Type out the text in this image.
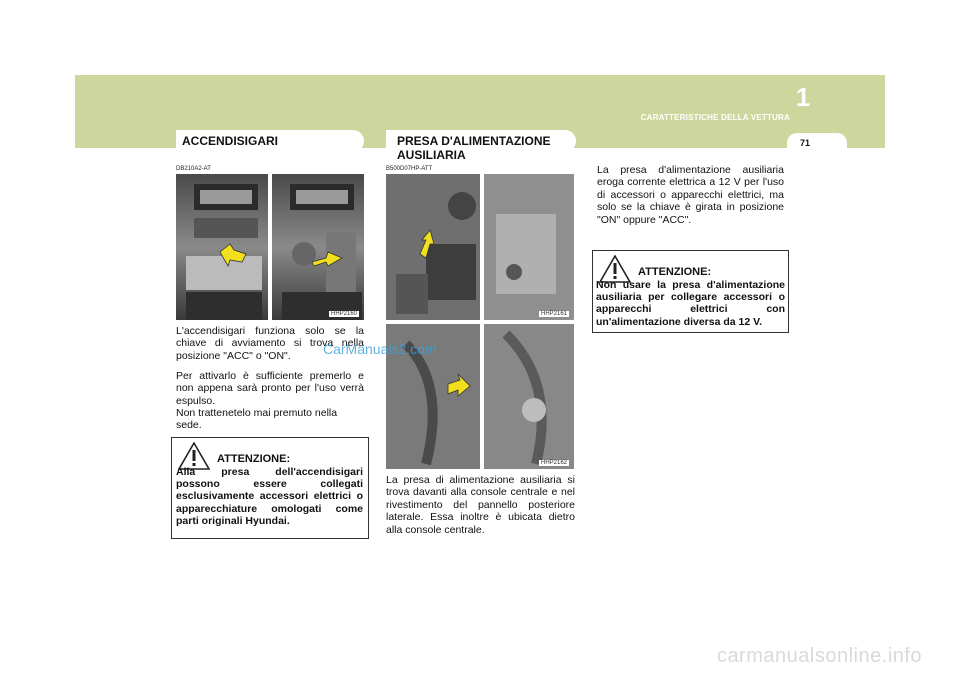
1
CARATTERISTICHE DELLA VETTURA
71
ACCENDISIGARI
DB210A2-AT
HHP2160

L'accendisigari funziona solo se la chiave di avviamento si trova nella posizione "ACC" o "ON".

Per attivarlo è sufficiente premerlo e non appena sarà pronto per l'uso verrà espulso.

Non trattenetelo mai premuto nella sede.

ATTENZIONE:

Alla presa dell'accendisigari possono essere collegati esclusivamente accessori elettrici o apparecchiature omologati come parti originali Hyundai.

PRESA D'ALIMENTAZIONE
AUSILIARIA
B500D07HP-ATT
HHP2161
HHP2162

La presa di alimentazione ausiliaria si trova davanti alla console centrale e nel rivestimento del pannello posteriore laterale. Essa inoltre è ubicata dietro alla console centrale.

La presa d'alimentazione ausiliaria eroga corrente elettrica a 12 V per l'uso di accessori o apparecchi elettrici, ma solo se la chiave è girata in posizione "ON" oppure "ACC".

ATTENZIONE:

Non usare la presa d'alimentazione ausiliaria per collegare accessori o apparecchi elettrici con un'alimentazione diversa da 12 V.

CarManuals2.com
carmanualsonline.info
